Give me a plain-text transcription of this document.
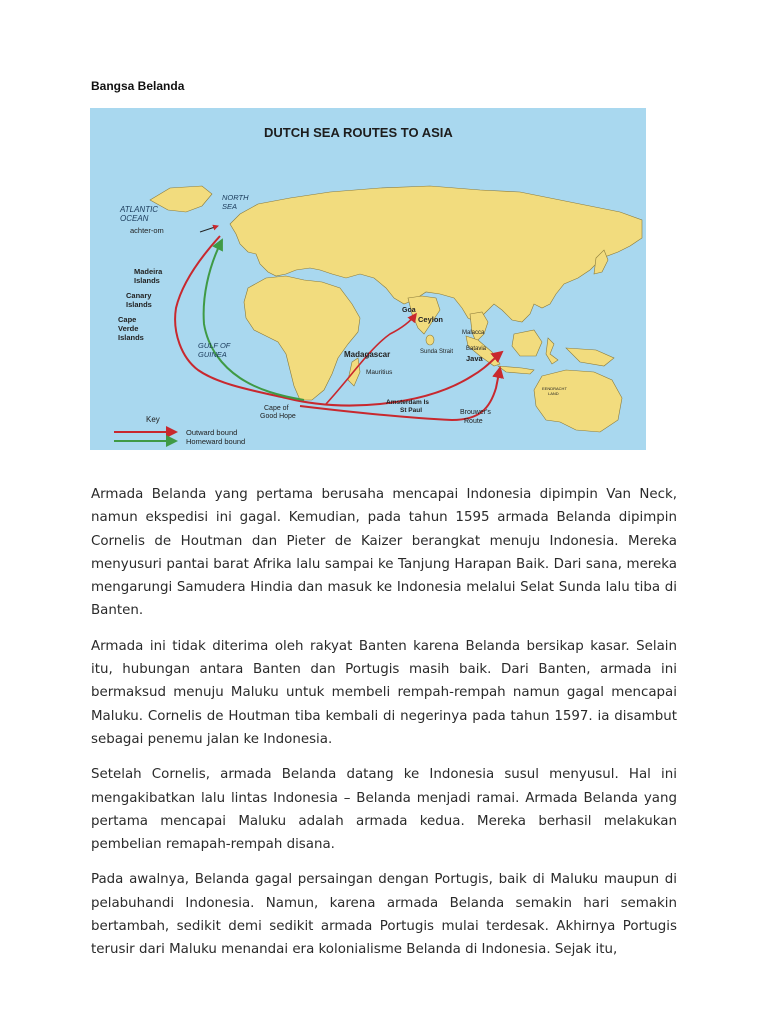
Bangsa Belanda
DUTCH SEA ROUTES TO ASIA
ATLANTIC
OCEAN
achter-om
NORTH
SEA
Madeira
Islands
Canary
Islands
Cape
Verde
Islands
GULF OF
GUINEA
Goa
Ceylon
Malacca
Batavia
Sunda Strait
Java
Madagascar
Mauritius
Cape of
Good Hope
Amsterdam Is
St Paul	Brouwer's
Route
EENDRACHT
LAND
Key
Outward bound
Homeward bound

Armada Belanda yang pertama berusaha mencapai Indonesia dipimpin Van Neck, namun ekspedisi ini gagal. Kemudian, pada tahun 1595 armada Belanda dipimpin Cornelis de Houtman dan Pieter de Kaizer berangkat menuju Indonesia. Mereka menyusuri pantai barat Afrika lalu sampai ke Tanjung Harapan Baik. Dari sana, mereka mengarungi Samudera Hindia dan masuk ke Indonesia melalui Selat Sunda lalu tiba di Banten.

Armada ini tidak diterima oleh rakyat Banten karena Belanda bersikap kasar. Selain itu, hubungan antara Banten dan Portugis masih baik. Dari Banten, armada ini bermaksud menuju Maluku untuk membeli rempah-rempah namun gagal mencapai Maluku. Cornelis de Houtman tiba kembali di negerinya pada tahun 1597. ia disambut sebagai penemu jalan ke Indonesia.

Setelah Cornelis, armada Belanda datang ke Indonesia susul menyusul. Hal ini mengakibatkan lalu lintas Indonesia – Belanda menjadi ramai. Armada Belanda yang pertama mencapai Maluku adalah armada kedua. Mereka berhasil melakukan pembelian remapah-rempah disana.

Pada awalnya, Belanda gagal persaingan dengan Portugis, baik di Maluku maupun di pelabuhandi Indonesia. Namun, karena armada Belanda semakin hari semakin bertambah, sedikit demi sedikit armada Portugis mulai terdesak. Akhirnya Portugis terusir dari Maluku menandai era kolonialisme Belanda di Indonesia. Sejak itu,
